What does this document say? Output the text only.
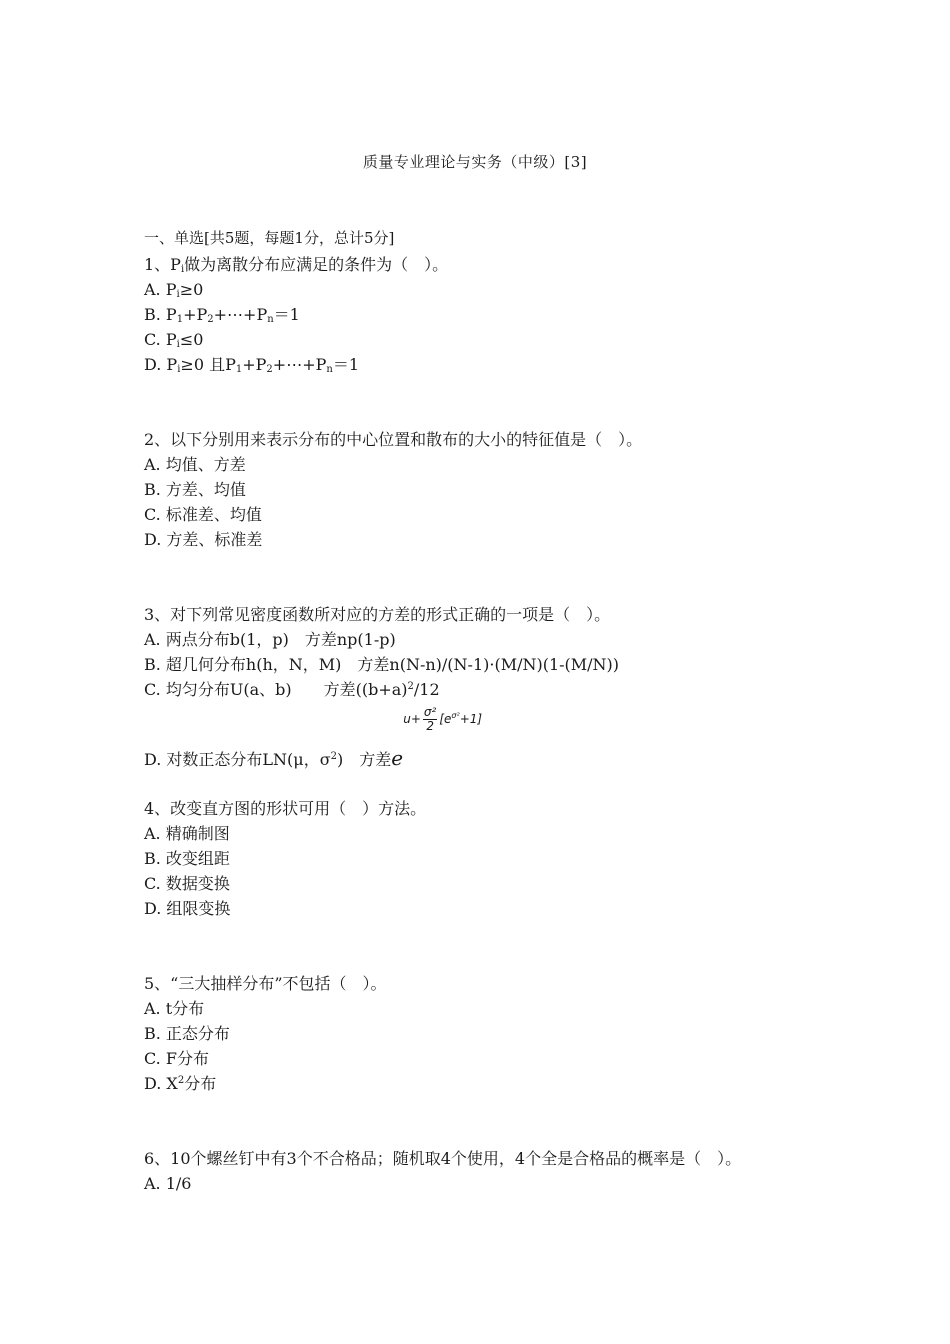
质量专业理论与实务（中级）[3]
一、单选[共5题，每题1分，总计5分]
1、$P_i$做为离散分布应满足的条件为（　）。
A. $P_i\ge 0$
B. $P_1+P_2+\cdots+P_n=1$
C. $P_i\le 0$
D. $P_i\ge 0$ 且$P_1+P_2+\cdots+P_n=1$
2、以下分别用来表示分布的中心位置和散布的大小的特征值是（　）。
A. 均值、方差
B. 方差、均值
C. 标准差、均值
D. 方差、标准差
3、对下列常见密度函数所对应的方差的形式正确的一项是（　）。
A. 两点分布b(1，p)　方差np(1-p)
B. 超几何分布h(h，N，M)　方差n(N-n)/(N-1)·(M/N)(1-(M/N))
C. 均匀分布U(a、b)　　方差($(b+a)^2/12$
D. 对数正态分布LN(μ，$\sigma^2$)　方差e
$u+ \frac{\text{σ²}}{2} [e^{\sigma^2}+1]$
4、改变直方图的形状可用（　）方法。
A. 精确制图
B. 改变组距
C. 数据变换
D. 组限变换
5、“三大抽样分布”不包括（　）。
A. t分布
B. 正态分布
C. F分布
D. $X^2$分布
6、10个螺丝钉中有3个不合格品；随机取4个使用，4个全是合格品的概率是（　）。
A. 1/6
